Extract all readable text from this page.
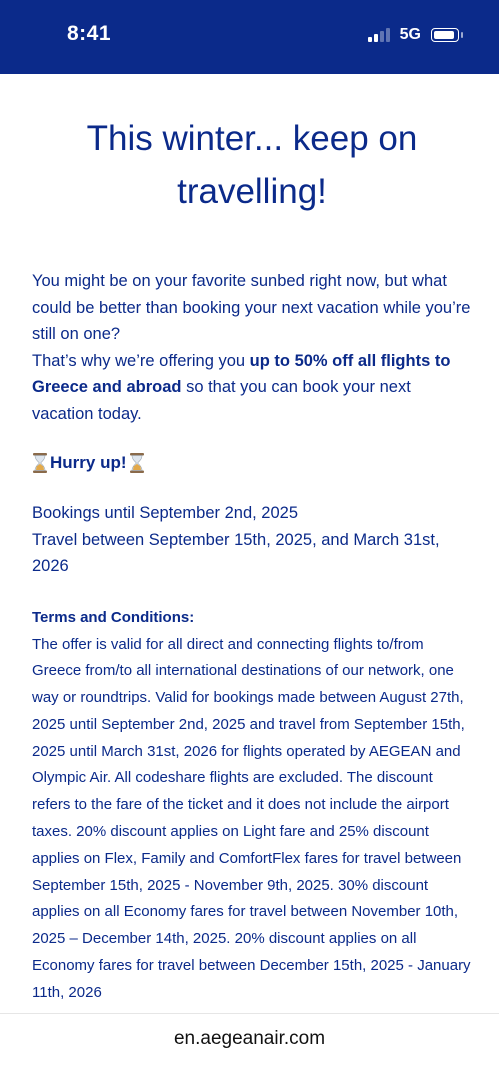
8:41	5G
This winter... keep on travelling!

You might be on your favorite sunbed right now, but what could be better than booking your next vacation while you’re still on one?
That’s why we’re offering you up to 50% off all flights to Greece and abroad so that you can book your next vacation today.

Hurry up!

Bookings until September 2nd, 2025
Travel between September 15th, 2025, and March 31st, 2026

Terms and Conditions:

The offer is valid for all direct and connecting flights to/from Greece from/to all international destinations of our network, one way or roundtrips. Valid for bookings made between August 27th, 2025 until September 2nd, 2025 and travel from September 15th, 2025 until March 31st, 2026 for flights operated by AEGEAN and Olympic Air. All codeshare flights are excluded. The discount refers to the fare of the ticket and it does not include the airport taxes. 20% discount applies on Light fare and 25% discount applies on Flex, Family and ComfortFlex fares for travel between September 15th, 2025 - November 9th, 2025. 30% discount applies on all Economy fares for travel between November 10th, 2025 – December 14th, 2025. 20% discount applies on all Economy fares for travel between December 15th, 2025 - January 11th, 2026

en.aegeanair.com
